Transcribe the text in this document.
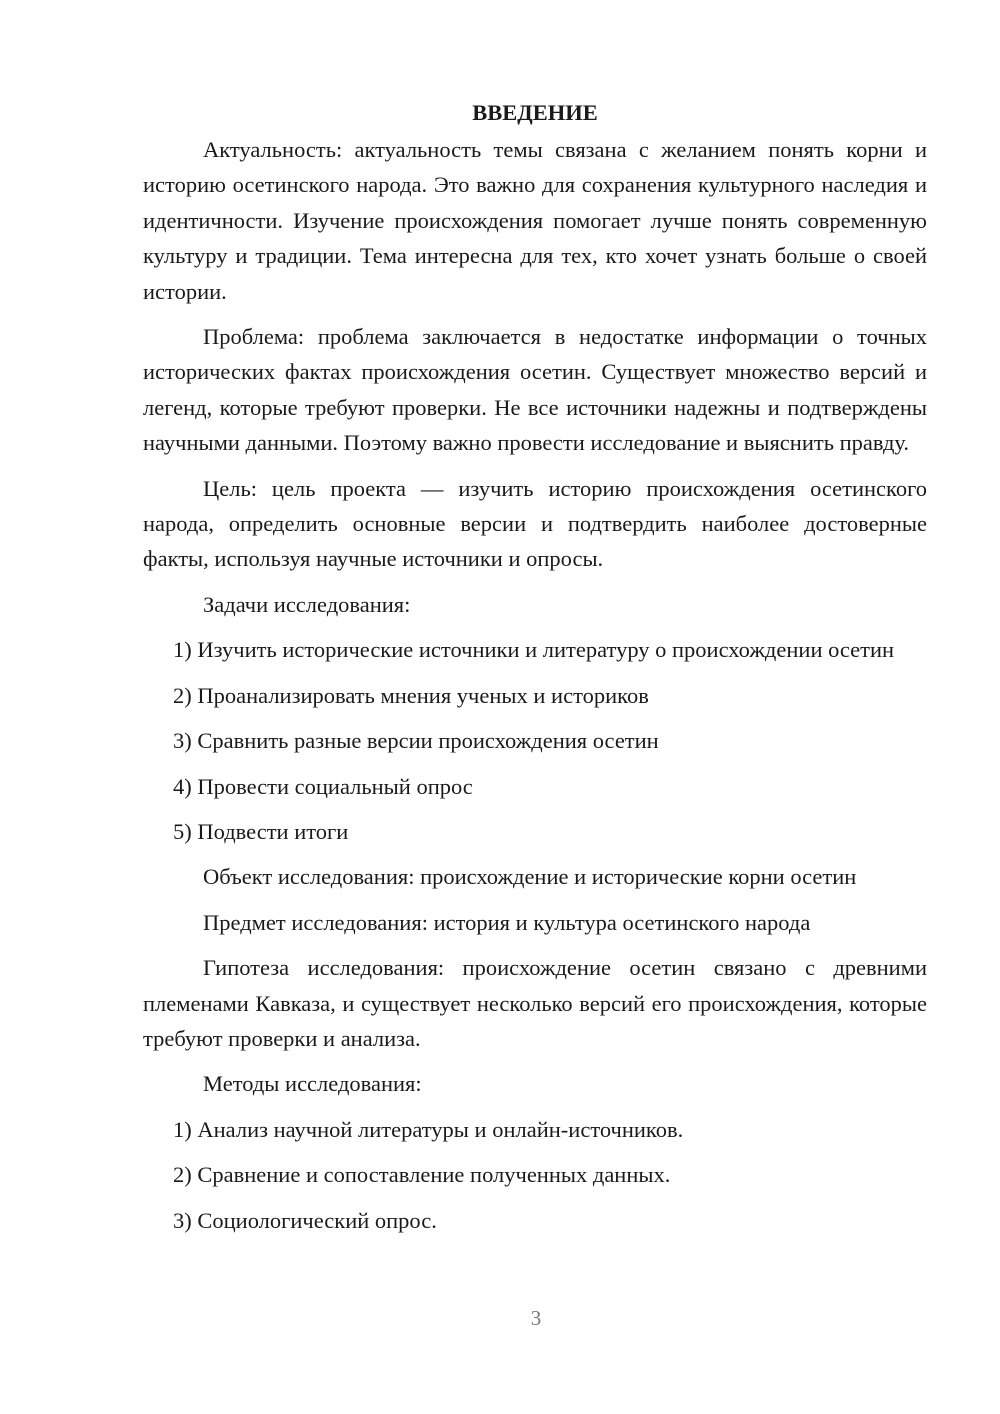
ВВЕДЕНИЕ

Актуальность: актуальность темы связана с желанием понять корни и историю осетинского народа. Это важно для сохранения культурного наследия и идентичности. Изучение происхождения помогает лучше понять современную культуру и традиции. Тема интересна для тех, кто хочет узнать больше о своей истории.

Проблема: проблема заключается в недостатке информации о точных исторических фактах происхождения осетин. Существует множество версий и легенд, которые требуют проверки. Не все источники надежны и подтверждены научными данными. Поэтому важно провести исследование и выяснить правду.

Цель: цель проекта — изучить историю происхождения осетинского народа, определить основные версии и подтвердить наиболее достоверные факты, используя научные источники и опросы.

Задачи исследования:

1) Изучить исторические источники и литературу о происхождении осетин

2) Проанализировать мнения ученых и историков

3) Сравнить разные версии происхождения осетин

4) Провести социальный опрос

5) Подвести итоги

Объект исследования: происхождение и исторические корни осетин

Предмет исследования: история и культура осетинского народа

Гипотеза исследования: происхождение осетин связано с древними племенами Кавказа, и существует несколько версий его происхождения, которые требуют проверки и анализа.

Методы исследования:

1) Анализ научной литературы и онлайн-источников.

2) Сравнение и сопоставление полученных данных.

3) Социологический опрос.

3
